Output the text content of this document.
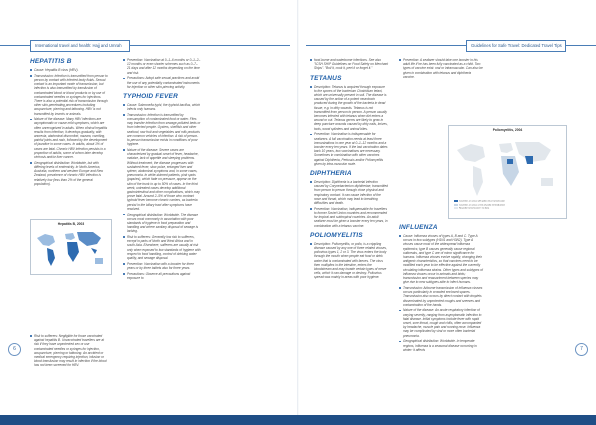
International travel and health: Hajj and Umrah	Guidelines for Safe Travel: Dedicated Travel Tips
HEPATITIS B
Cause: Hepatitis B virus (HBV).
Transmission: Infection is transmitted from person to person by contact with infected body fluids. Sexual contact is an important mode of transmission, but infection is also transmitted by transfusion of contaminated blood or blood products or by use of contaminated needles or syringes for injections. There is also a potential risk of transmission through other skin-penetrating procedures including acupuncture, piercing and tattooing. HBV is not transmitted by insects or animals.
Nature of the disease: Many HBV infections are asymptomatic or cause mild symptoms, which are often unrecognized in adults. When clinical hepatitis results from infection, it develops gradually, with anorexia, abdominal discomfort, nausea, vomiting, painful joints and rash, followed by the development of jaundice in some cases. In adults, about 1% of cases are fatal. Chronic HBV infection persists in a proportion of adults, some of whom later develop cirrhosis and/or liver cancer.
Geographical distribution: Worldwide, but with differing levels of endemicity. In North America, Australia, northern and western Europe and New Zealand, prevalence of chronic HBV infection is relatively low (less than 2% of the general population).
Hepatitis B, 2003
Risk to sufferers: Negligible for those vaccinated against hepatitis B. Unvaccinated travellers are at risk if they have unprotected sex or use contaminated needles or syringes for injection, acupuncture, piercing or tattooing. An accident or medical emergency requiring injection, infusion or blood transfusion may result in infection if the blood has not been screened for HBV.
Prevention: Vaccination at 0–1–6 months or 0–1–2–12 months or even shorter schemes such as 0–7–21 days and after 12 months depending on the time and risk.
Precautions: Adopt safe sexual practices and avoid the use of any potentially contaminated instruments for injection or other skin-piercing activity.
TYPHOID FEVER
Cause: Salmonella typhi, the typhoid bacillus, which infects only humans.
Transmission: Infection is transmitted by consumption of contaminated food or water. Flies may transfer infection from sewage-polluted beds or from infected people. Oysters, shellfish and other seafood, raw fruit and vegetables and milk products are common vehicles of infection. A risk of person-to-person transmission exists in conditions of poor hygiene.
Nature of the disease: Severe cases are characterized by gradual onset of fever, headache, malaise, lack of appetite and sleeping problems. Without treatment, the disease progresses with sustained fever, slow pulse, enlarged liver and spleen, abdominal symptoms and, in some cases, pneumonia. In white-skinned patients, pink spots (papules), which fade on pressure, appear on the skin of the trunk in up to 50% of cases. In the third week, untreated cases develop additional gastrointestinal and other complications, which may prove fatal. Around 2–5% of those who contract typhoid fever become chronic carriers, as bacteria persist in the biliary tract after symptoms have resolved.
Geographical distribution: Worldwide. The disease occurs most commonly in association with poor standards of hygiene in food preparation and handling and where sanitary disposal of sewage is lacking.
Risk to sufferers: Generally low risk to sufferers, except in parts of North and West Africa and in south Asia. Elsewhere, sufferers are usually at risk only when exposed to low standards of hygiene with respect to food handling, control of drinking water quality, and sewage disposal.
Prevention: Vaccination with a booster for three years or by three tablets also for three years.
Precautions: Observe all precautions against exposure to
food-borne and waterborne infections. See also "ICSH SHIP Guidelines on Food Safety on Merchant Ships". "Boil it, cook it, peel it or forget it."
TETANUS
Description: Tetanus is acquired through exposure to the spores of the bacterium Clostridium tetani, which are universally present in soil. The disease is caused by the action of a potent neurotoxin produced during the growth of the bacteria in dead tissue, e.g. in dirty wounds. Tetanus is not transmitted from person to person. A person usually becomes infected with tetanus when dirt enters a wound or cut. Tetanus germs are likely to grow in deep puncture wounds caused by dirty nails, knives, tools, wood splinters and animal bites.
Prevention: Vaccination is indispensable for seafarers. A full vaccination needs at least three immunizations in one year at 0–1–12 months and a booster every ten years. If the last vaccination dates back 10 years, two vaccinations are necessary. Sometimes in combination with other vaccines against Diphtheria, Pertussis and/or Poliomyelitis given by intra-muscular route.
DIPHTHERIA
Description: Diphtheria is a bacterial infection caused by Corynebacterium diphtheriae, transmitted from person to person through close physical and respiratory contact. It can cause infection of the nose and throat, which may lead to breathing difficulties and death.
Prevention: Vaccination, indispensable for travellers to former Soviet Union countries and recommended for tropical and subtropical countries. An adult seafarer must be given a booster every ten years, in combination with a tetanus vaccine.
POLIOMYELITIS
Description: Poliomyelitis, or polio, is a crippling disease caused by any one of three related viruses, poliovirus types 1, 2 or 3. The virus enters the body through the mouth when people eat food or drink water that is contaminated with faeces. The virus then multiplies in the intestine, enters the bloodstream and may invade certain types of nerve cells, which it can damage or destroy. Poliovirus spread was mainly in areas with poor hygiene.
Prevention: A seafarer should take one booster in his adult life if he has been fully vaccinated as a child. Two types of vaccine exist: oral or intramuscular. Can also be given in combination with tetanus and diphtheria vaccine.
Poliomyelitis, 2004
Countries or areas with polio virus transmission
Countries or areas at risk of polio reintroduction
No polio transmission / no data
INFLUENZA
Cause: Influenza viruses of types A, B and C. Type A occurs in two subtypes (H1N1 and H3N2). Type A viruses cause most of the widespread influenza epidemics; type B causes generally cause regional outbreaks, and type C are of minor significance for humans. Influenza viruses evolve rapidly, changing their antigenic characteristics, so that vaccines need to be modified each year to be effective against the currently circulating influenza strains. Other types and subtypes of influenza viruses occur in animals and birds; transmission and reassortment between species may give rise to new subtypes able to infect humans.
Transmission: Airborne transmission of influenza viruses occurs particularly in crowded enclosed spaces. Transmission also occurs by direct contact with droplets disseminated by unprotected coughs and sneezes and contamination of the hands.
Nature of the disease: An acute respiratory infection of varying severity, ranging from asymptomatic infection to fatal disease. Initial symptoms include fever with rapid onset, sore throat, cough and chills, often accompanied by headache, muscle pain and running nose. Influenza may be complicated by viral or more often bacterial pneumonia.
Geographical distribution: Worldwide. In temperate regions, influenza is a seasonal disease occurring in winter: it affects
6	7
